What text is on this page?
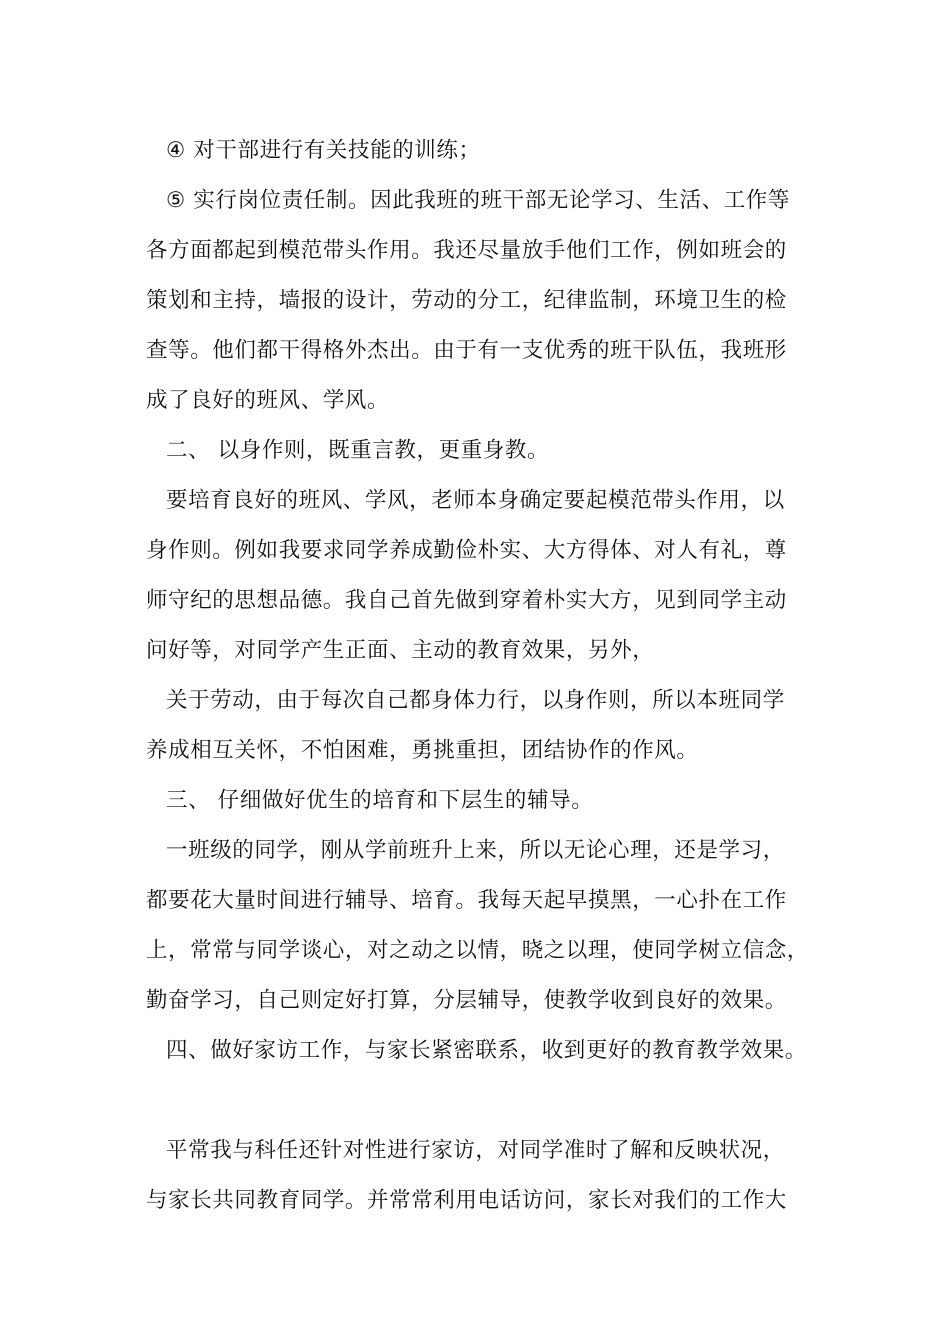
④ 对干部进行有关技能的训练；
⑤ 实行岗位责任制。因此我班的班干部无论学习、生活、工作等
各方面都起到模范带头作用。我还尽量放手他们工作，例如班会的
策划和主持，墙报的设计，劳动的分工，纪律监制，环境卫生的检
查等。他们都干得格外杰出。由于有一支优秀的班干队伍，我班形
成了良好的班风、学风。
二、 以身作则，既重言教，更重身教。
要培育良好的班风、学风，老师本身确定要起模范带头作用，以
身作则。例如我要求同学养成勤俭朴实、大方得体、对人有礼，尊
师守纪的思想品德。我自己首先做到穿着朴实大方，见到同学主动
问好等，对同学产生正面、主动的教育效果，另外，
关于劳动，由于每次自己都身体力行，以身作则，所以本班同学
养成相互关怀，不怕困难，勇挑重担，团结协作的作风。
三、 仔细做好优生的培育和下层生的辅导。
一班级的同学，刚从学前班升上来，所以无论心理，还是学习，
都要花大量时间进行辅导、培育。我每天起早摸黑，一心扑在工作
上，常常与同学谈心，对之动之以情，晓之以理，使同学树立信念，
勤奋学习，自己则定好打算，分层辅导，使教学收到良好的效果。
四、做好家访工作，与家长紧密联系，收到更好的教育教学效果。
平常我与科任还针对性进行家访，对同学准时了解和反映状况，
与家长共同教育同学。并常常利用电话访问，家长对我们的工作大
